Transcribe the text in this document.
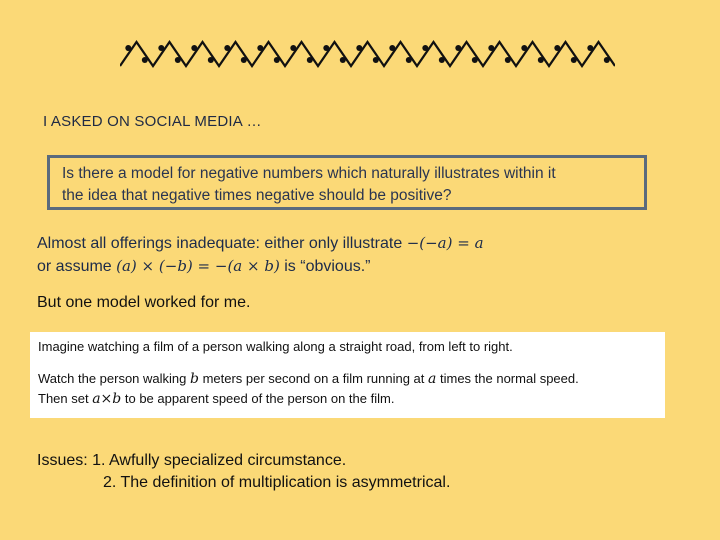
I ASKED ON SOCIAL MEDIA …
Is there a model for negative numbers which naturally illustrates within it
the idea that negative times negative should be positive?
Almost all offerings inadequate: either only illustrate −(−a) = a
or assume (a) × (−b) = −(a × b) is “obvious.”
But one model worked for me.
Imagine watching a film of a person walking along a straight road, from left to right.
Watch the person walking b meters per second on a film running at a times the normal speed.
Then set a×b to be apparent speed of the person on the film.
Issues: 1. Awfully specialized circumstance.
2. The definition of multiplication is asymmetrical.
